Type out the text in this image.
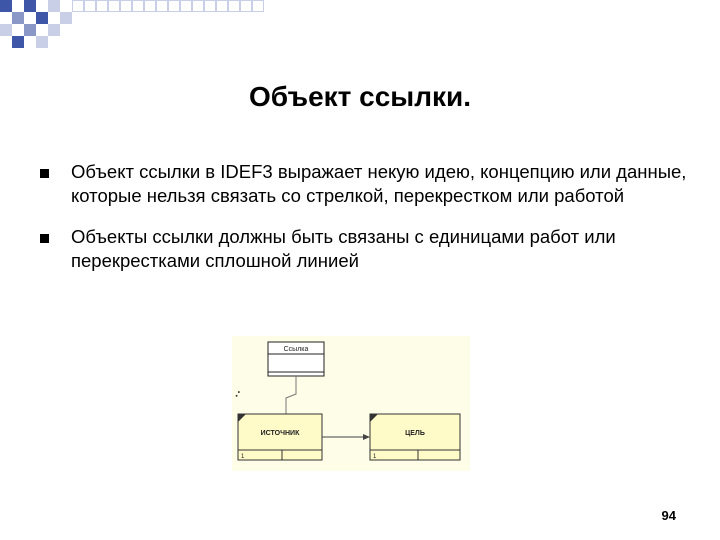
Объект ссылки.
Объект ссылки в IDEF3 выражает некую идею, концепцию или данные, которые нельзя связать со стрелкой, перекрестком или работой
Объекты ссылки должны быть связаны с единицами работ или перекрестками сплошной линией
• •
Ссылка
ИСТОЧНИК
1
ЦЕЛЬ
1
94
